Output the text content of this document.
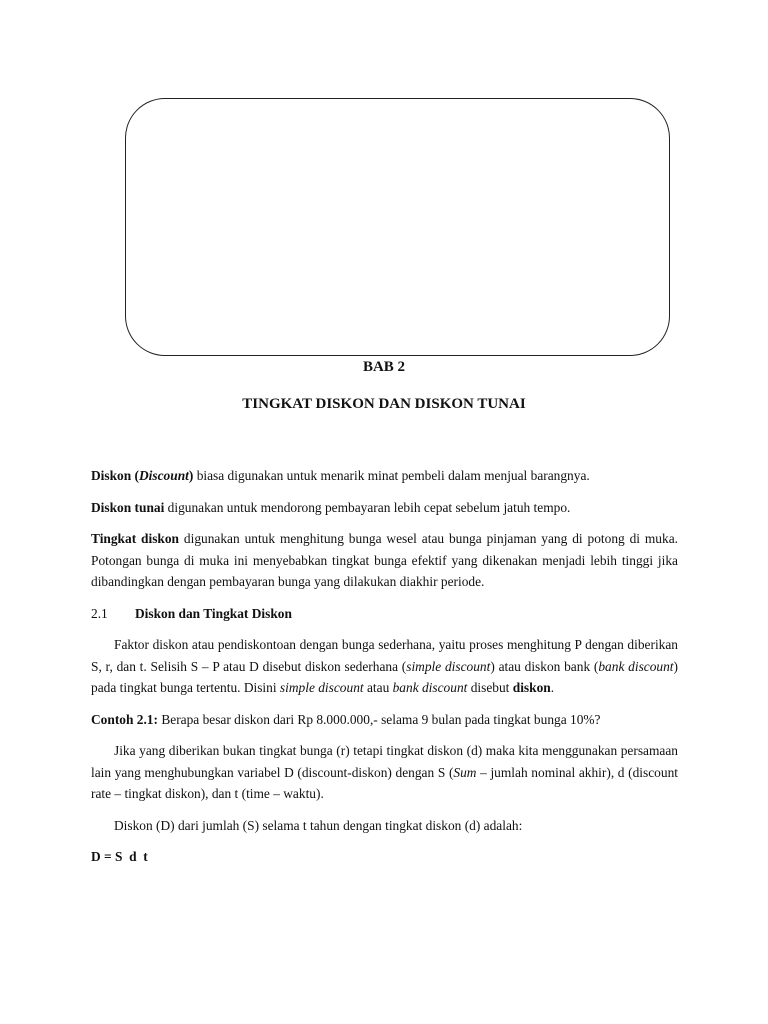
BAB 2
TINGKAT DISKON DAN DISKON TUNAI

Diskon (Discount) biasa digunakan untuk menarik minat pembeli dalam menjual barangnya.

Diskon tunai digunakan untuk mendorong pembayaran lebih cepat sebelum jatuh tempo.

Tingkat diskon digunakan untuk menghitung bunga wesel atau bunga pinjaman yang di potong di muka. Potongan bunga di muka ini menyebabkan tingkat bunga efektif yang dikenakan menjadi lebih tinggi jika dibandingkan dengan pembayaran bunga yang dilakukan diakhir periode.

2.1 Diskon dan Tingkat Diskon

Faktor diskon atau pendiskontoan dengan bunga sederhana, yaitu proses menghitung P dengan diberikan S, r, dan t. Selisih S – P atau D disebut diskon sederhana (simple discount) atau diskon bank (bank discount) pada tingkat bunga tertentu. Disini simple discount atau bank discount disebut diskon.

Contoh 2.1: Berapa besar diskon dari Rp 8.000.000,- selama 9 bulan pada tingkat bunga 10%?

Jika yang diberikan bukan tingkat bunga (r) tetapi tingkat diskon (d) maka kita menggunakan persamaan lain yang menghubungkan variabel D (discount-diskon) dengan S (Sum – jumlah nominal akhir), d (discount rate – tingkat diskon), dan t (time – waktu).

Diskon (D) dari jumlah (S) selama t tahun dengan tingkat diskon (d) adalah:

D = S  d  t
